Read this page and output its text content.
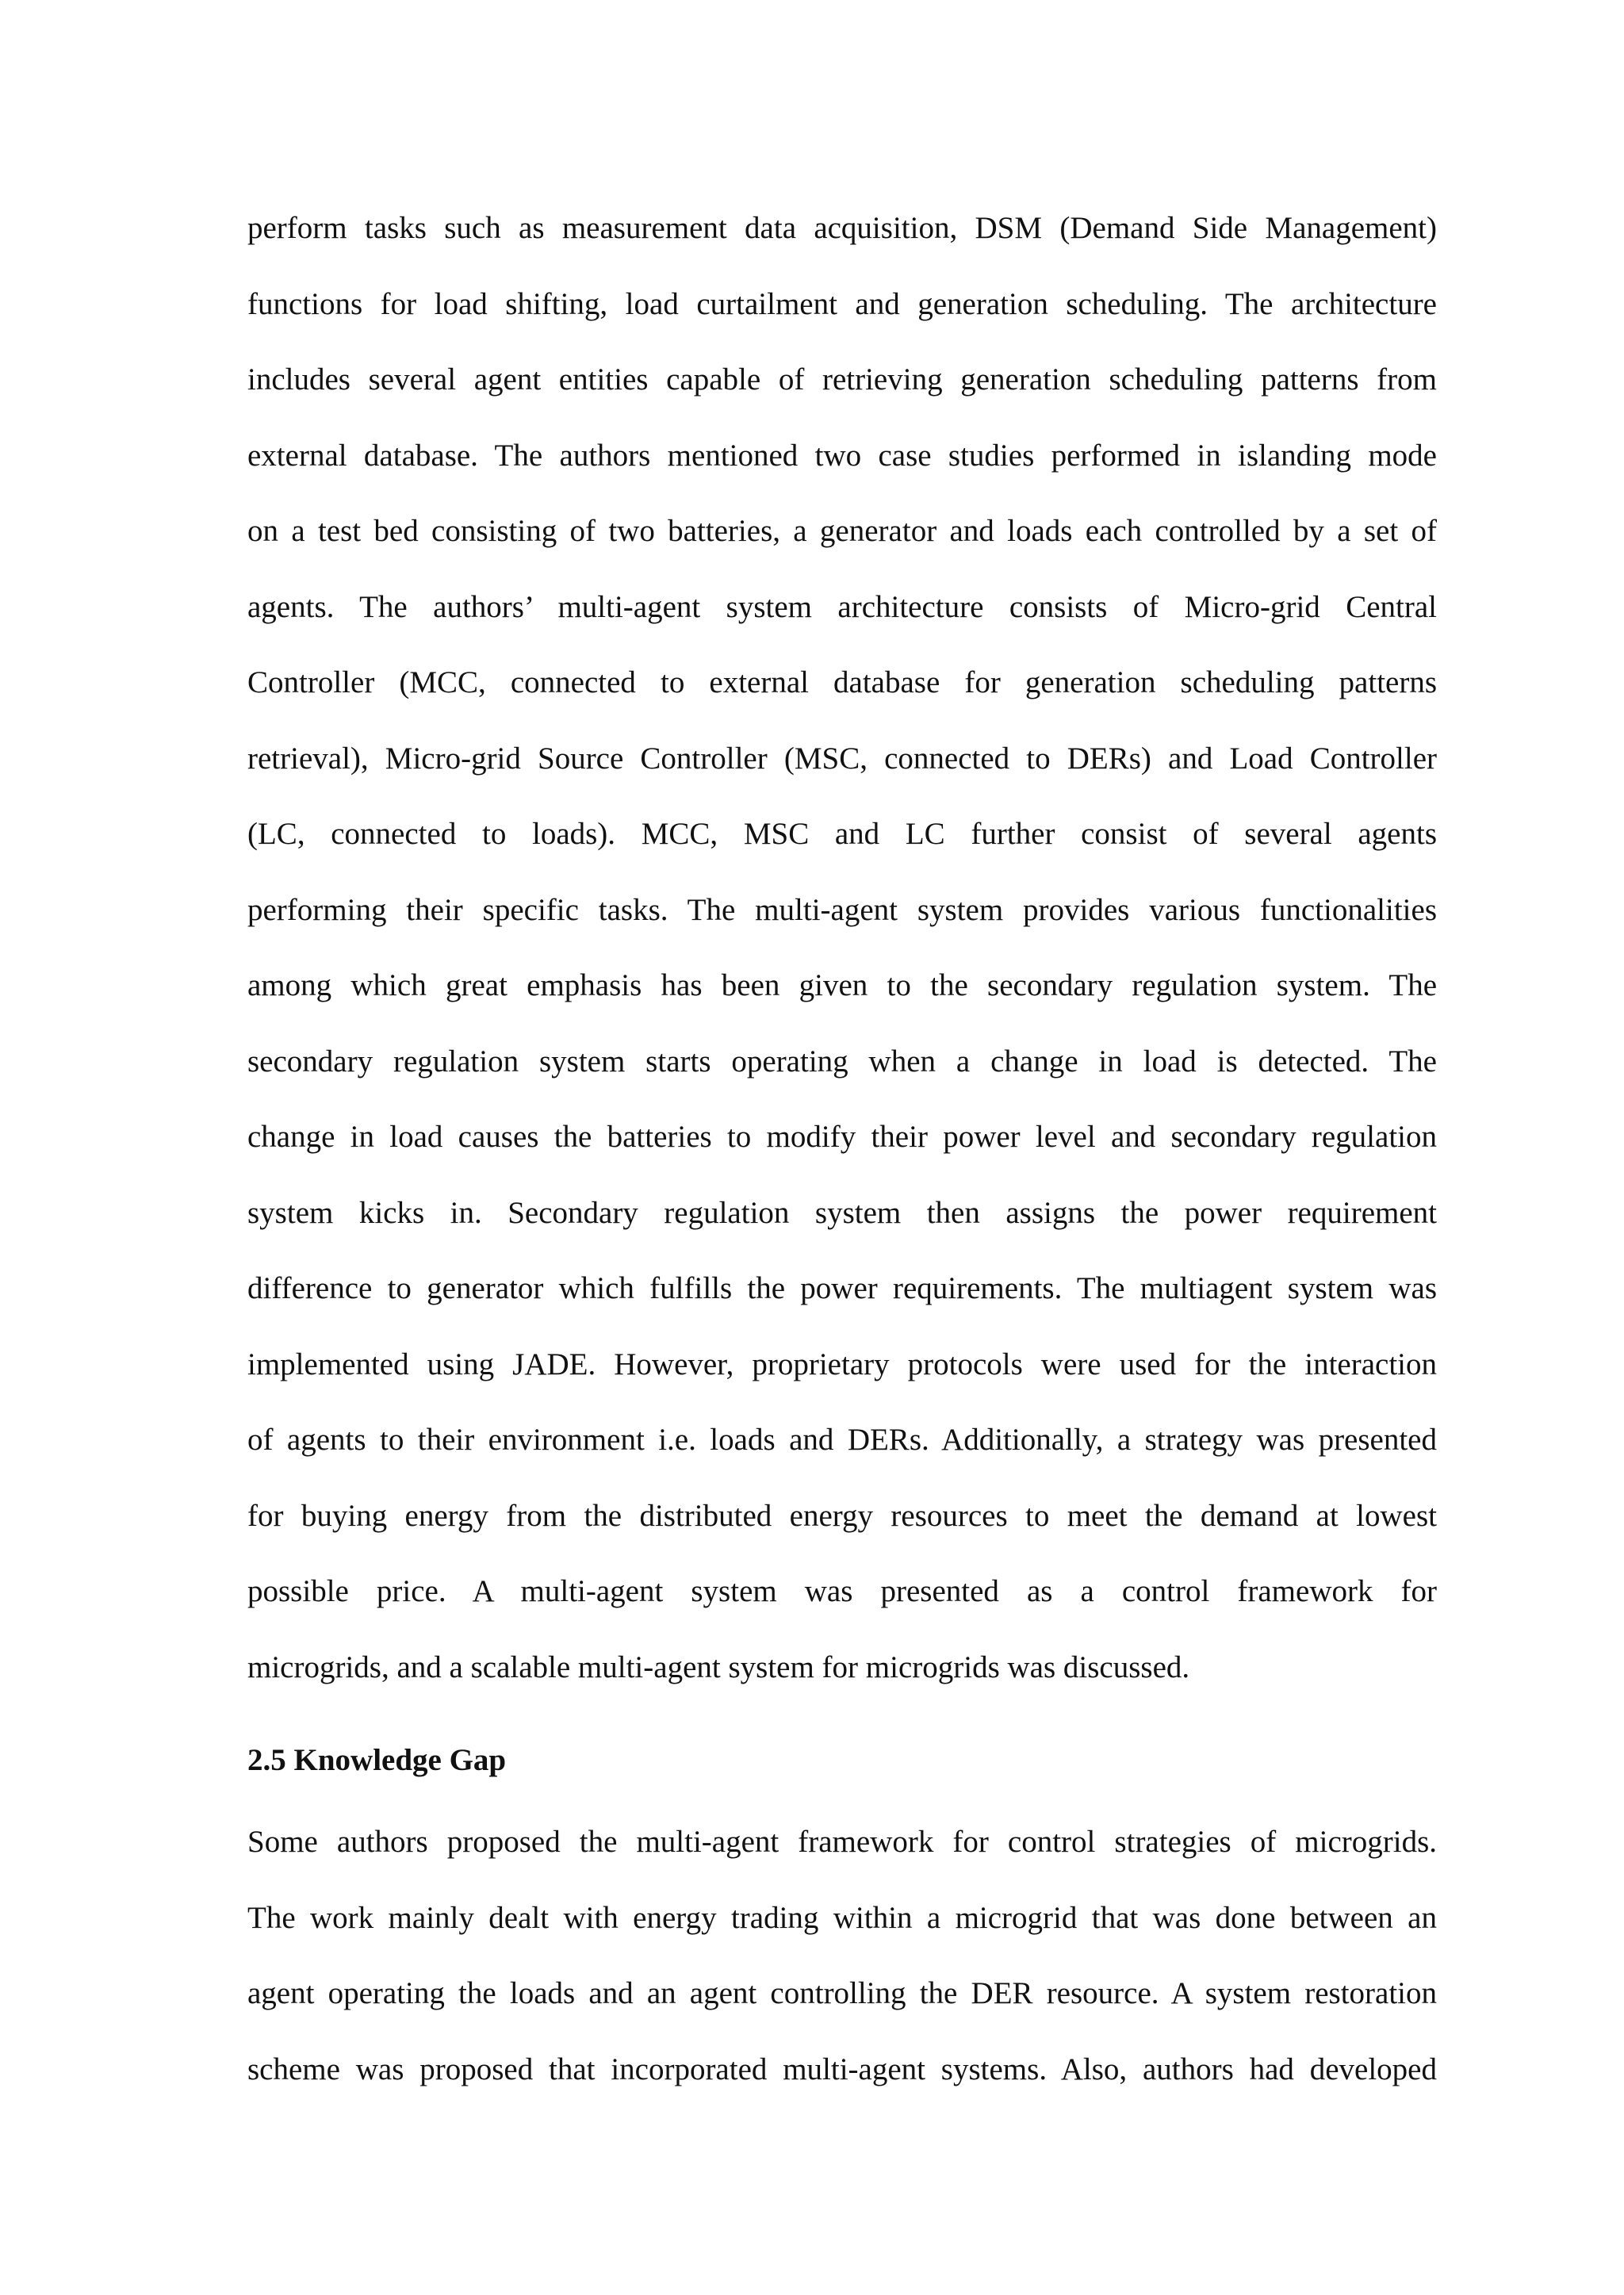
perform tasks such as measurement data acquisition, DSM (Demand Side Management)
functions for load shifting, load curtailment and generation scheduling. The architecture
includes several agent entities capable of retrieving generation scheduling patterns from
external database. The authors mentioned two case studies performed in islanding mode
on a test bed consisting of two batteries, a generator and loads each controlled by a set of
agents. The authors’ multi-agent system architecture consists of Micro-grid Central
Controller (MCC, connected to external database for generation scheduling patterns
retrieval), Micro-grid Source Controller (MSC, connected to DERs) and Load Controller
(LC, connected to loads). MCC, MSC and LC further consist of several agents
performing their specific tasks. The multi-agent system provides various functionalities
among which great emphasis has been given to the secondary regulation system. The
secondary regulation system starts operating when a change in load is detected. The
change in load causes the batteries to modify their power level and secondary regulation
system kicks in. Secondary regulation system then assigns the power requirement
difference to generator which fulfills the power requirements. The multiagent system was
implemented using JADE. However, proprietary protocols were used for the interaction
of agents to their environment i.e. loads and DERs. Additionally, a strategy was presented
for buying energy from the distributed energy resources to meet the demand at lowest
possible price. A multi-agent system was presented as a control framework for
microgrids, and a scalable multi-agent system for microgrids was discussed.
2.5 Knowledge Gap
Some authors proposed the multi-agent framework for control strategies of microgrids.
The work mainly dealt with energy trading within a microgrid that was done between an
agent operating the loads and an agent controlling the DER resource. A system restoration
scheme was proposed that incorporated multi-agent systems. Also, authors had developed
